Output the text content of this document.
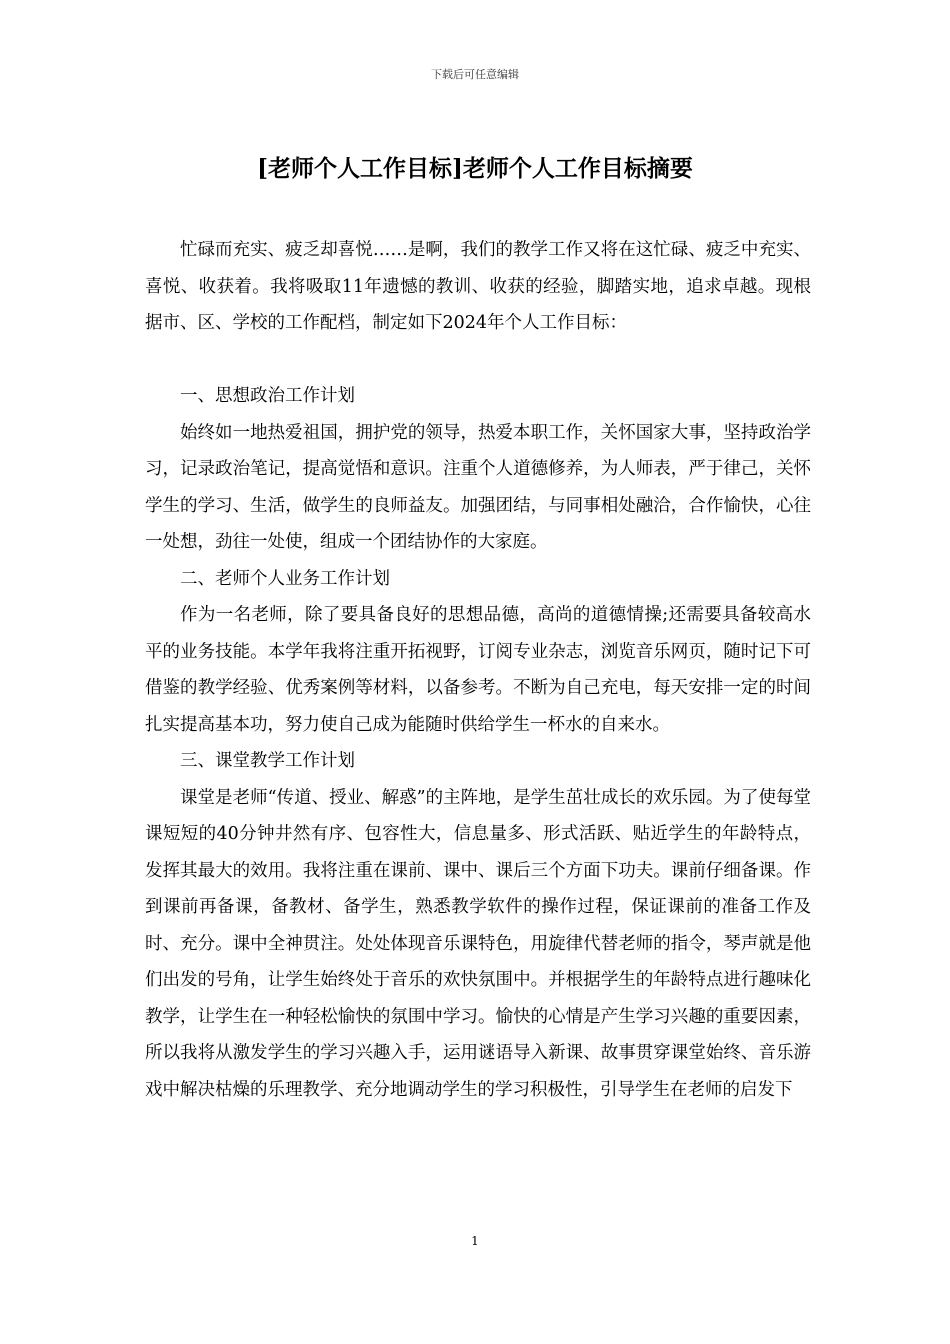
下载后可任意编辑
[老师个人工作目标]老师个人工作目标摘要

忙碌而充实、疲乏却喜悦……是啊，我们的教学工作又将在这忙碌、疲乏中充实、喜悦、收获着。我将吸取11年遗憾的教训、收获的经验，脚踏实地，追求卓越。现根据市、区、学校的工作配档，制定如下2024年个人工作目标：

一、思想政治工作计划

始终如一地热爱祖国，拥护党的领导，热爱本职工作，关怀国家大事，坚持政治学习，记录政治笔记，提高觉悟和意识。注重个人道德修养，为人师表，严于律己，关怀学生的学习、生活，做学生的良师益友。加强团结，与同事相处融洽，合作愉快，心往一处想，劲往一处使，组成一个团结协作的大家庭。

二、老师个人业务工作计划

作为一名老师，除了要具备良好的思想品德，高尚的道德情操;还需要具备较高水平的业务技能。本学年我将注重开拓视野，订阅专业杂志，浏览音乐网页，随时记下可借鉴的教学经验、优秀案例等材料，以备参考。不断为自己充电，每天安排一定的时间扎实提高基本功，努力使自己成为能随时供给学生一杯水的自来水。

三、课堂教学工作计划

课堂是老师“传道、授业、解惑”的主阵地，是学生茁壮成长的欢乐园。为了使每堂课短短的40分钟井然有序、包容性大，信息量多、形式活跃、贴近学生的年龄特点，发挥其最大的效用。我将注重在课前、课中、课后三个方面下功夫。课前仔细备课。作到课前再备课，备教材、备学生，熟悉教学软件的操作过程，保证课前的准备工作及时、充分。课中全神贯注。处处体现音乐课特色，用旋律代替老师的指令，琴声就是他们出发的号角，让学生始终处于音乐的欢快氛围中。并根据学生的年龄特点进行趣味化教学，让学生在一种轻松愉快的氛围中学习。愉快的心情是产生学习兴趣的重要因素，所以我将从激发学生的学习兴趣入手，运用谜语导入新课、故事贯穿课堂始终、音乐游戏中解决枯燥的乐理教学、充分地调动学生的学习积极性，引导学生在老师的启发下

1
